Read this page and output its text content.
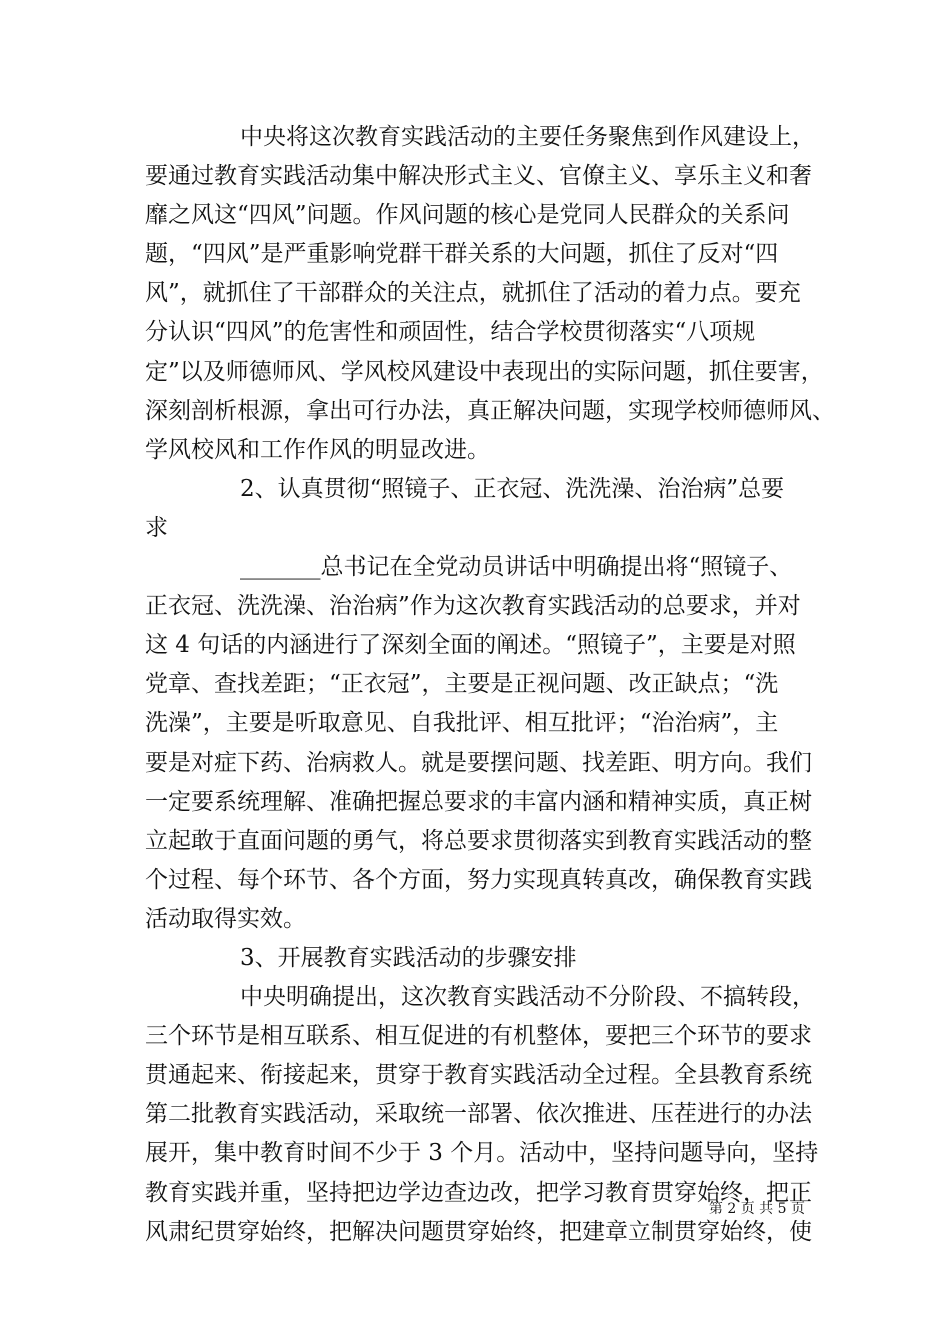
中央将这次教育实践活动的主要任务聚焦到作风建设上，
要通过教育实践活动集中解决形式主义、官僚主义、享乐主义和奢
靡之风这“四风”问题。作风问题的核心是党同人民群众的关系问
题，“四风”是严重影响党群干群关系的大问题，抓住了反对“四
风”，就抓住了干部群众的关注点，就抓住了活动的着力点。要充
分认识“四风”的危害性和顽固性，结合学校贯彻落实“八项规
定”以及师德师风、学风校风建设中表现出的实际问题，抓住要害，
深刻剖析根源，拿出可行办法，真正解决问题，实现学校师德师风、
学风校风和工作作风的明显改进。
2、认真贯彻“照镜子、正衣冠、洗洗澡、治治病”总要
求
_______总书记在全党动员讲话中明确提出将“照镜子、
正衣冠、洗洗澡、治治病”作为这次教育实践活动的总要求，并对
这 4 句话的内涵进行了深刻全面的阐述。“照镜子”，主要是对照
党章、查找差距；“正衣冠”，主要是正视问题、改正缺点；“洗
洗澡”，主要是听取意见、自我批评、相互批评；“治治病”，主
要是对症下药、治病救人。就是要摆问题、找差距、明方向。我们
一定要系统理解、准确把握总要求的丰富内涵和精神实质，真正树
立起敢于直面问题的勇气，将总要求贯彻落实到教育实践活动的整
个过程、每个环节、各个方面，努力实现真转真改，确保教育实践
活动取得实效。
3、开展教育实践活动的步骤安排
中央明确提出，这次教育实践活动不分阶段、不搞转段，
三个环节是相互联系、相互促进的有机整体，要把三个环节的要求
贯通起来、衔接起来，贯穿于教育实践活动全过程。全县教育系统
第二批教育实践活动，采取统一部署、依次推进、压茬进行的办法
展开，集中教育时间不少于 3 个月。活动中，坚持问题导向，坚持
教育实践并重，坚持把边学边查边改，把学习教育贯穿始终，把正
风肃纪贯穿始终，把解决问题贯穿始终，把建章立制贯穿始终，使
第 2 页 共 5 页
